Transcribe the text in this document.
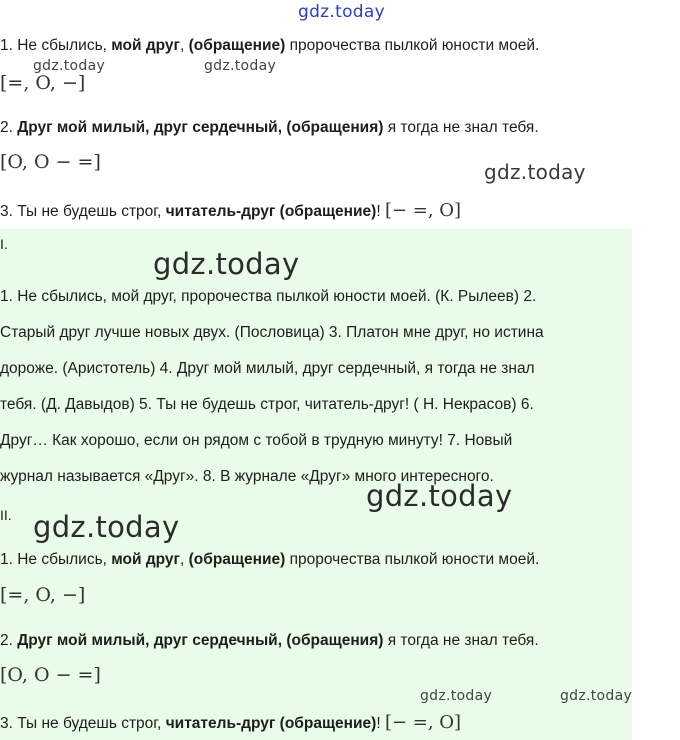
gdz.today
1. Не сбылись, мой друг, (обращение) пророчества пылкой юности моей.
gdz.today	gdz.today
[=, O, −]
2. Друг мой милый, друг сердечный, (обращения) я тогда не знал тебя.
[O, O − =]	gdz.today
3. Ты не будешь строг, читатель-друг (обращение)! [− =, O]
I.
gdz.today
1. Не сбылись, мой друг, пророчества пылкой юности моей. (К. Рылеев) 2.
Старый друг лучше новых двух. (Пословица) 3. Платон мне друг, но истина
дороже. (Аристотель) 4. Друг мой милый, друг сердечный, я тогда не знал
тебя. (Д. Давыдов) 5. Ты не будешь строг, читатель-друг! ( Н. Некрасов) 6.
Друг… Как хорошо, если он рядом с тобой в трудную минуту! 7. Новый
журнал называется «Друг». 8. В журнале «Друг» много интересного.
gdz.today
II. gdz.today
1. Не сбылись, мой друг, (обращение) пророчества пылкой юности моей.
[=, O, −]
2. Друг мой милый, друг сердечный, (обращения) я тогда не знал тебя.
[O, O − =]
gdz.today	gdz.today
3. Ты не будешь строг, читатель-друг (обращение)! [− =, O]
